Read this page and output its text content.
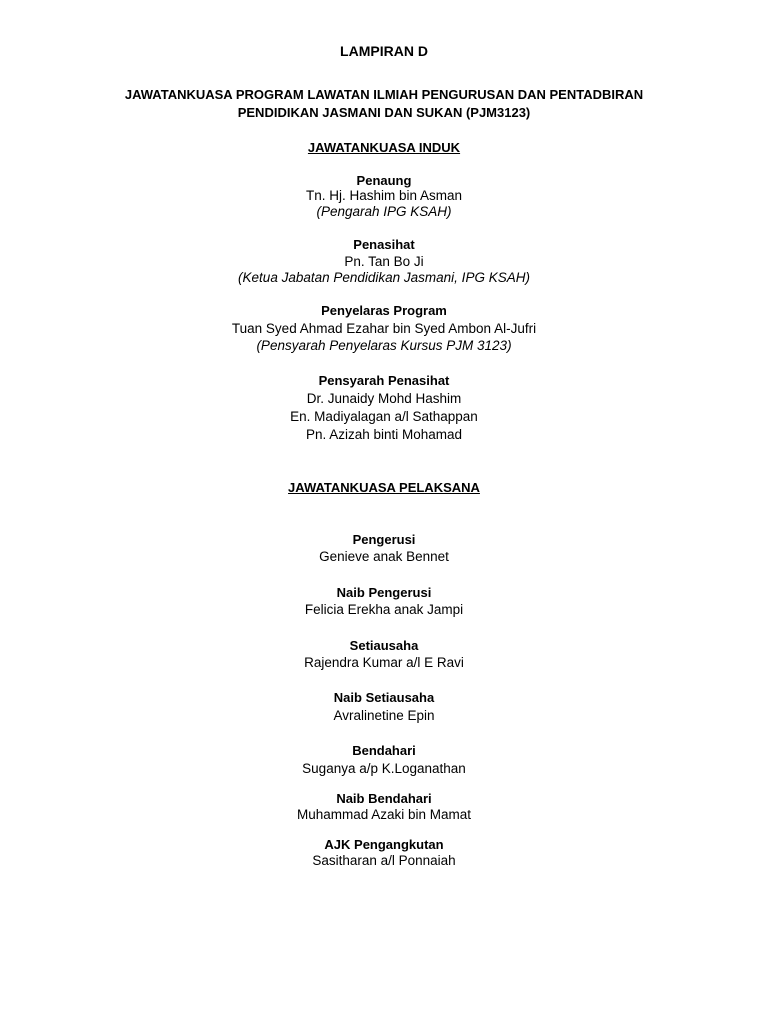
LAMPIRAN D
JAWATANKUASA PROGRAM LAWATAN ILMIAH PENGURUSAN DAN PENTADBIRAN
PENDIDIKAN JASMANI DAN SUKAN (PJM3123)
JAWATANKUASA INDUK
Penaung
Tn. Hj. Hashim bin Asman
(Pengarah IPG KSAH)
Penasihat
Pn. Tan Bo Ji
(Ketua Jabatan Pendidikan Jasmani, IPG KSAH)
Penyelaras Program
Tuan Syed Ahmad Ezahar bin Syed Ambon Al-Jufri
(Pensyarah Penyelaras Kursus PJM 3123)
Pensyarah Penasihat
Dr. Junaidy Mohd Hashim
En. Madiyalagan a/l Sathappan
Pn. Azizah binti Mohamad
JAWATANKUASA PELAKSANA
Pengerusi
Genieve anak Bennet
Naib Pengerusi
Felicia Erekha anak Jampi
Setiausaha
Rajendra Kumar a/l E Ravi
Naib Setiausaha
Avralinetine Epin
Bendahari
Suganya a/p K.Loganathan
Naib Bendahari
Muhammad Azaki bin Mamat
AJK Pengangkutan
Sasitharan a/l Ponnaiah
